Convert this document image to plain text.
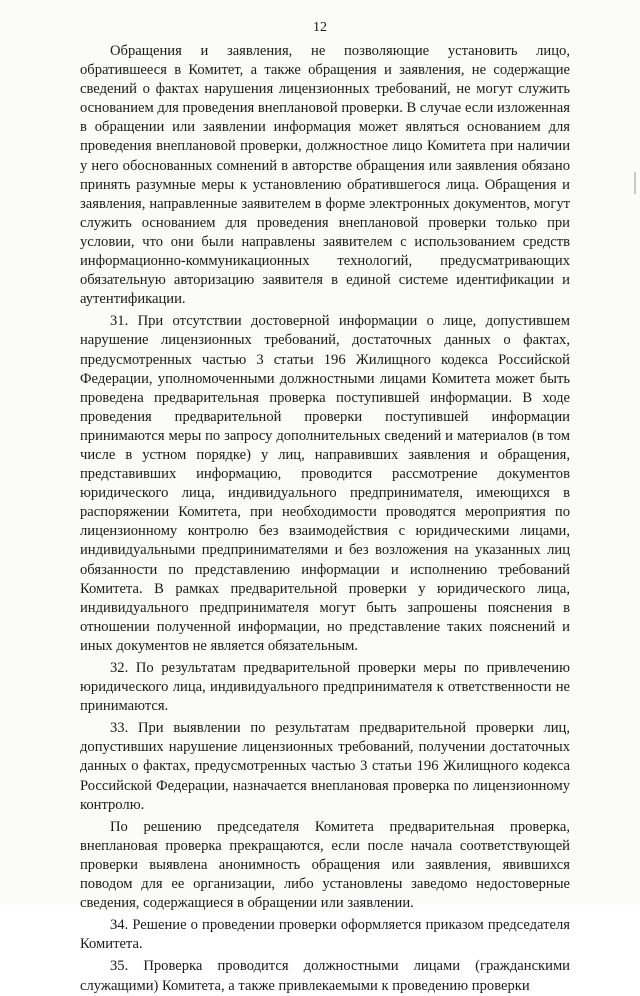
12

Обращения и заявления, не позволяющие установить лицо, обратившееся в Комитет, а также обращения и заявления, не содержащие сведений о фактах нарушения лицензионных требований, не могут служить основанием для проведения внеплановой проверки. В случае если изложенная в обращении или заявлении информация может являться основанием для проведения внеплановой проверки, должностное лицо Комитета при наличии у него обоснованных сомнений в авторстве обращения или заявления обязано принять разумные меры к установлению обратившегося лица. Обращения и заявления, направленные заявителем в форме электронных документов, могут служить основанием для проведения внеплановой проверки только при условии, что они были направлены заявителем с использованием средств информационно-коммуникационных технологий, предусматривающих обязательную авторизацию заявителя в единой системе идентификации и аутентификации.

31. При отсутствии достоверной информации о лице, допустившем нарушение лицензионных требований, достаточных данных о фактах, предусмотренных частью 3 статьи 196 Жилищного кодекса Российской Федерации, уполномоченными должностными лицами Комитета может быть проведена предварительная проверка поступившей информации. В ходе проведения предварительной проверки поступившей информации принимаются меры по запросу дополнительных сведений и материалов (в том числе в устном порядке) у лиц, направивших заявления и обращения, представивших информацию, проводится рассмотрение документов юридического лица, индивидуального предпринимателя, имеющихся в распоряжении Комитета, при необходимости проводятся мероприятия по лицензионному контролю без взаимодействия с юридическими лицами, индивидуальными предпринимателями и без возложения на указанных лиц обязанности по представлению информации и исполнению требований Комитета. В рамках предварительной проверки у юридического лица, индивидуального предпринимателя могут быть запрошены пояснения в отношении полученной информации, но представление таких пояснений и иных документов не является обязательным.

32. По результатам предварительной проверки меры по привлечению юридического лица, индивидуального предпринимателя к ответственности не принимаются.

33. При выявлении по результатам предварительной проверки лиц, допустивших нарушение лицензионных требований, получении достаточных данных о фактах, предусмотренных частью 3 статьи 196 Жилищного кодекса Российской Федерации, назначается внеплановая проверка по лицензионному контролю.

По решению председателя Комитета предварительная проверка, внеплановая проверка прекращаются, если после начала соответствующей проверки выявлена анонимность обращения или заявления, явившихся поводом для ее организации, либо установлены заведомо недостоверные сведения, содержащиеся в обращении или заявлении.

34. Решение о проведении проверки оформляется приказом председателя Комитета.

35. Проверка проводится должностными лицами (гражданскими служащими) Комитета, а также привлекаемыми к проведению проверки
